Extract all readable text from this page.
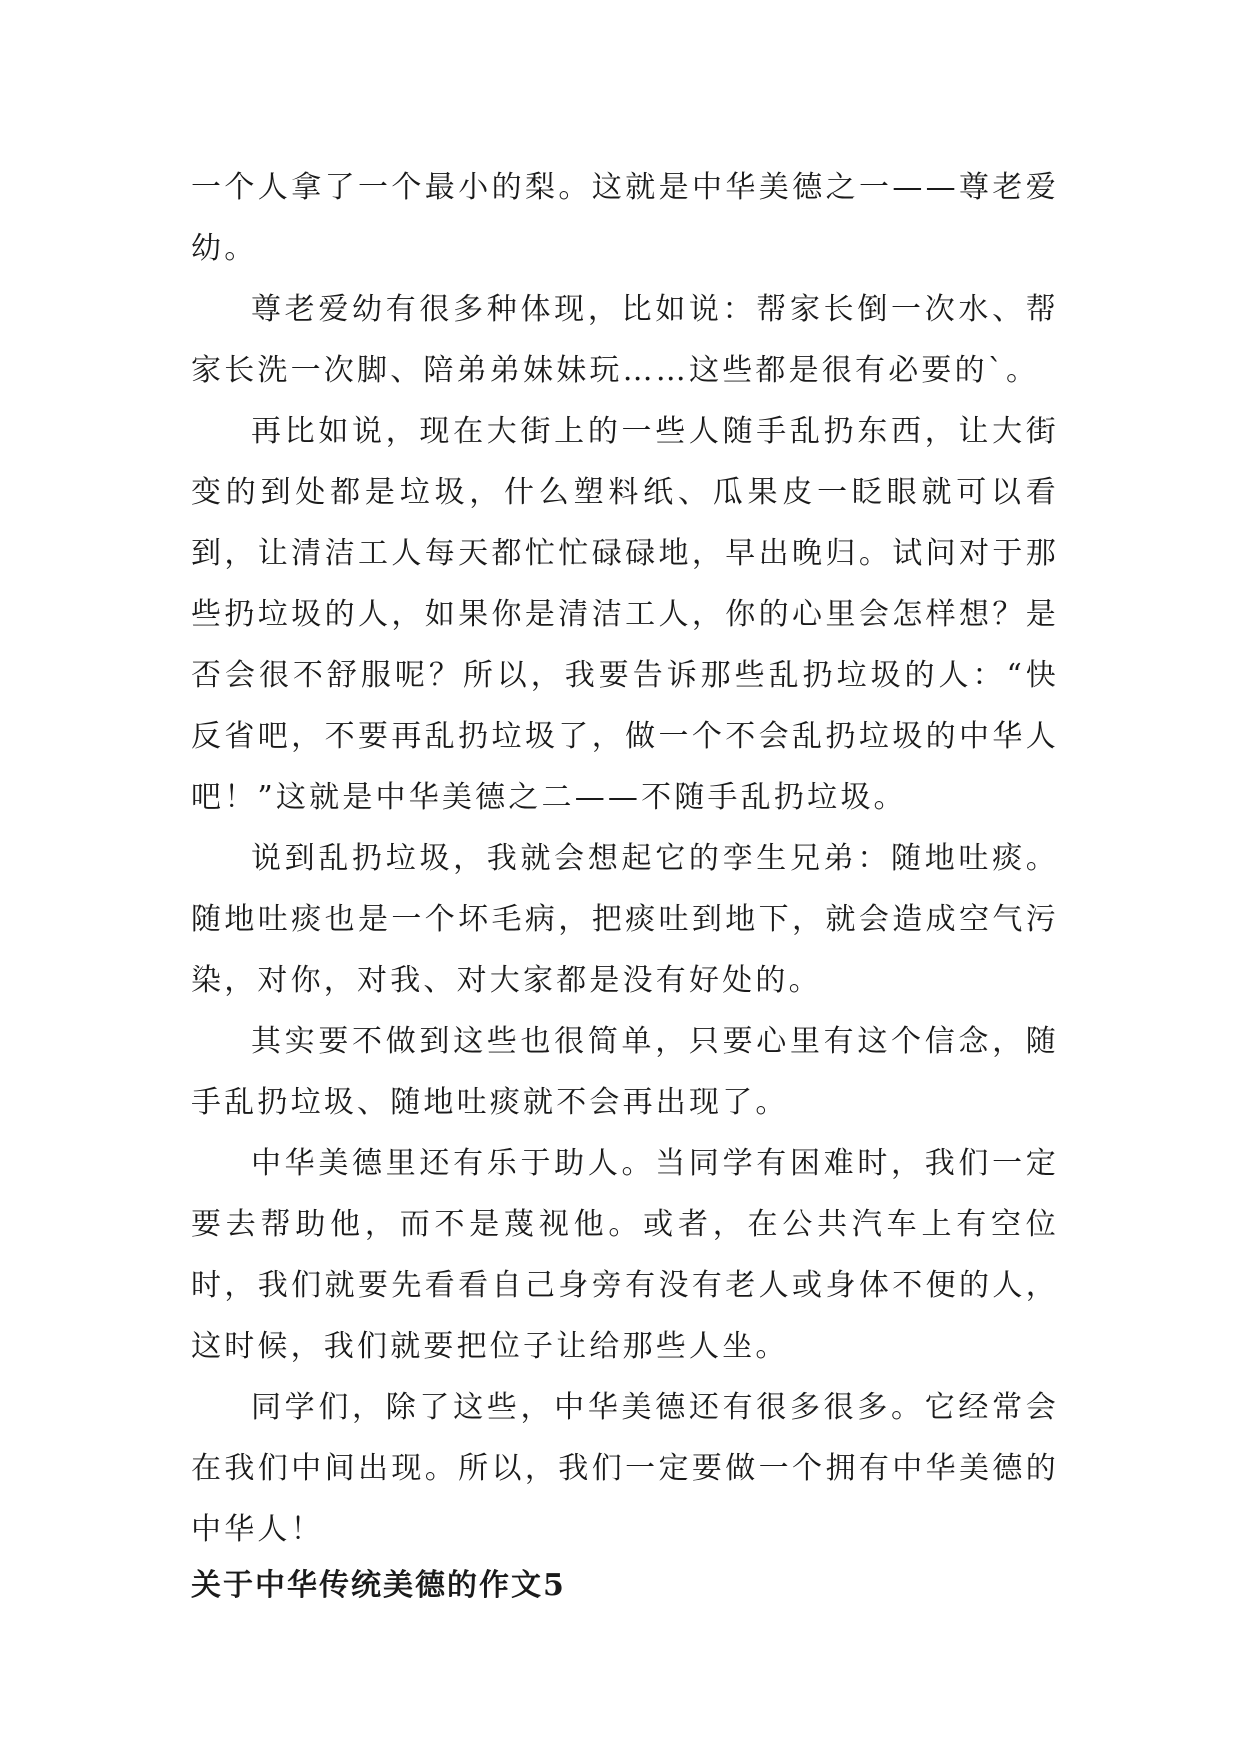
一个人拿了一个最小的梨。这就是中华美德之一——尊老爱幼。

尊老爱幼有很多种体现，比如说：帮家长倒一次水、帮家长洗一次脚、陪弟弟妹妹玩……这些都是很有必要的`。

再比如说，现在大街上的一些人随手乱扔东西，让大街变的到处都是垃圾，什么塑料纸、瓜果皮一眨眼就可以看到，让清洁工人每天都忙忙碌碌地，早出晚归。试问对于那些扔垃圾的人，如果你是清洁工人，你的心里会怎样想？是否会很不舒服呢？所以，我要告诉那些乱扔垃圾的人：“快反省吧，不要再乱扔垃圾了，做一个不会乱扔垃圾的中华人吧！”这就是中华美德之二——不随手乱扔垃圾。

说到乱扔垃圾，我就会想起它的孪生兄弟：随地吐痰。随地吐痰也是一个坏毛病，把痰吐到地下，就会造成空气污染，对你，对我、对大家都是没有好处的。

其实要不做到这些也很简单，只要心里有这个信念，随手乱扔垃圾、随地吐痰就不会再出现了。

中华美德里还有乐于助人。当同学有困难时，我们一定要去帮助他，而不是蔑视他。或者，在公共汽车上有空位时，我们就要先看看自己身旁有没有老人或身体不便的人，这时候，我们就要把位子让给那些人坐。

同学们，除了这些，中华美德还有很多很多。它经常会在我们中间出现。所以，我们一定要做一个拥有中华美德的中华人！

关于中华传统美德的作文5
